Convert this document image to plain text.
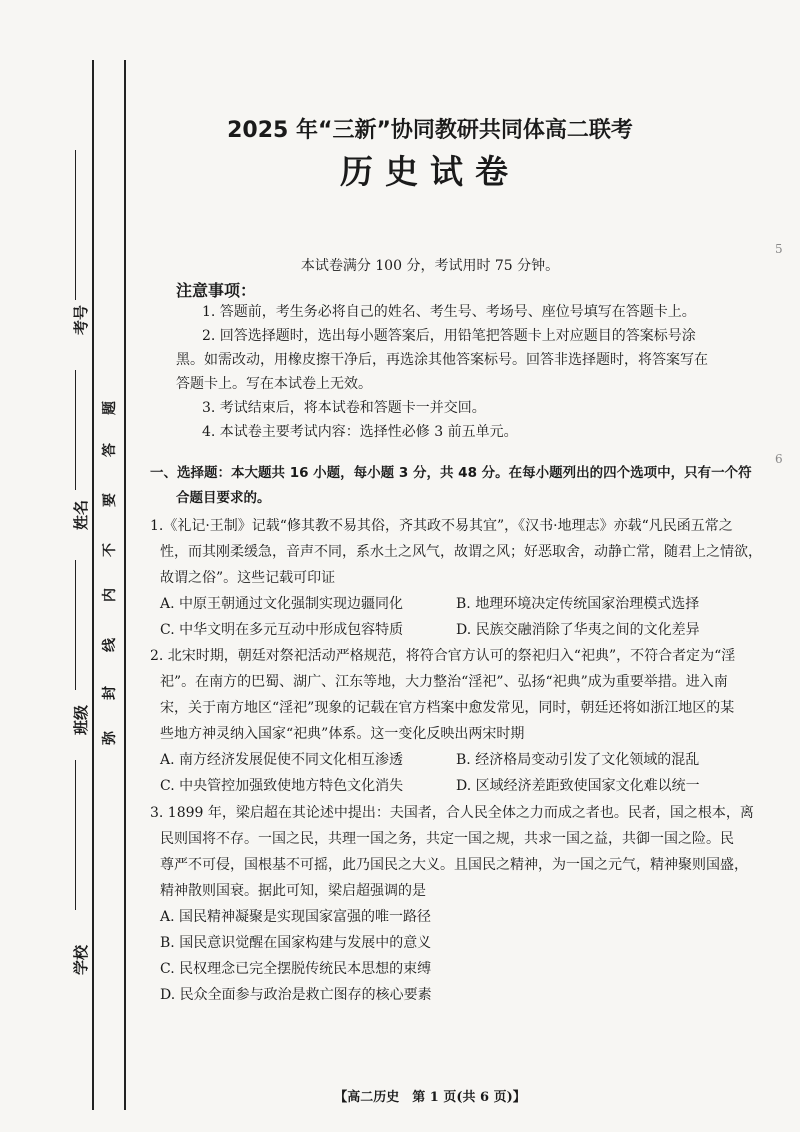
考号
姓名
班级
学校
题
答
要
不
内
线
封
弥
2025 年“三新”协同教研共同体高二联考
历史试卷
本试卷满分 100 分，考试用时 75 分钟。
注意事项：
1. 答题前，考生务必将自己的姓名、考生号、考场号、座位号填写在答题卡上。
2. 回答选择题时，选出每小题答案后，用铅笔把答题卡上对应题目的答案标号涂
黑。如需改动，用橡皮擦干净后，再选涂其他答案标号。回答非选择题时，将答案写在
答题卡上。写在本试卷上无效。
3. 考试结束后，将本试卷和答题卡一并交回。
4. 本试卷主要考试内容：选择性必修 3 前五单元。
一、选择题：本大题共 16 小题，每小题 3 分，共 48 分。在每小题列出的四个选项中，只有一个符
合题目要求的。
1.《礼记·王制》记载“修其教不易其俗，齐其政不易其宜”，《汉书·地理志》亦载“凡民函五常之
性，而其刚柔缓急，音声不同，系水土之风气，故谓之风；好恶取舍，动静亡常，随君上之情欲，
故谓之俗”。这些记载可印证
A. 中原王朝通过文化强制实现边疆同化	B. 地理环境决定传统国家治理模式选择
C. 中华文明在多元互动中形成包容特质	D. 民族交融消除了华夷之间的文化差异
2. 北宋时期，朝廷对祭祀活动严格规范，将符合官方认可的祭祀归入“祀典”，不符合者定为“淫
祀”。在南方的巴蜀、湖广、江东等地，大力整治“淫祀”、弘扬“祀典”成为重要举措。进入南
宋，关于南方地区“淫祀”现象的记载在官方档案中愈发常见，同时，朝廷还将如浙江地区的某
些地方神灵纳入国家“祀典”体系。这一变化反映出两宋时期
A. 南方经济发展促使不同文化相互渗透	B. 经济格局变动引发了文化领域的混乱
C. 中央管控加强致使地方特色文化消失	D. 区域经济差距致使国家文化难以统一
3. 1899 年，梁启超在其论述中提出：夫国者，合人民全体之力而成之者也。民者，国之根本，离
民则国将不存。一国之民，共理一国之务，共定一国之规，共求一国之益，共御一国之险。民
尊严不可侵，国根基不可摇，此乃国民之大义。且国民之精神，为一国之元气，精神聚则国盛，
精神散则国衰。据此可知，梁启超强调的是
A. 国民精神凝聚是实现国家富强的唯一路径
B. 国民意识觉醒在国家构建与发展中的意义
C. 民权理念已完全摆脱传统民本思想的束缚
D. 民众全面参与政治是救亡图存的核心要素
【高二历史　第 1 页(共 6 页)】
5
6
